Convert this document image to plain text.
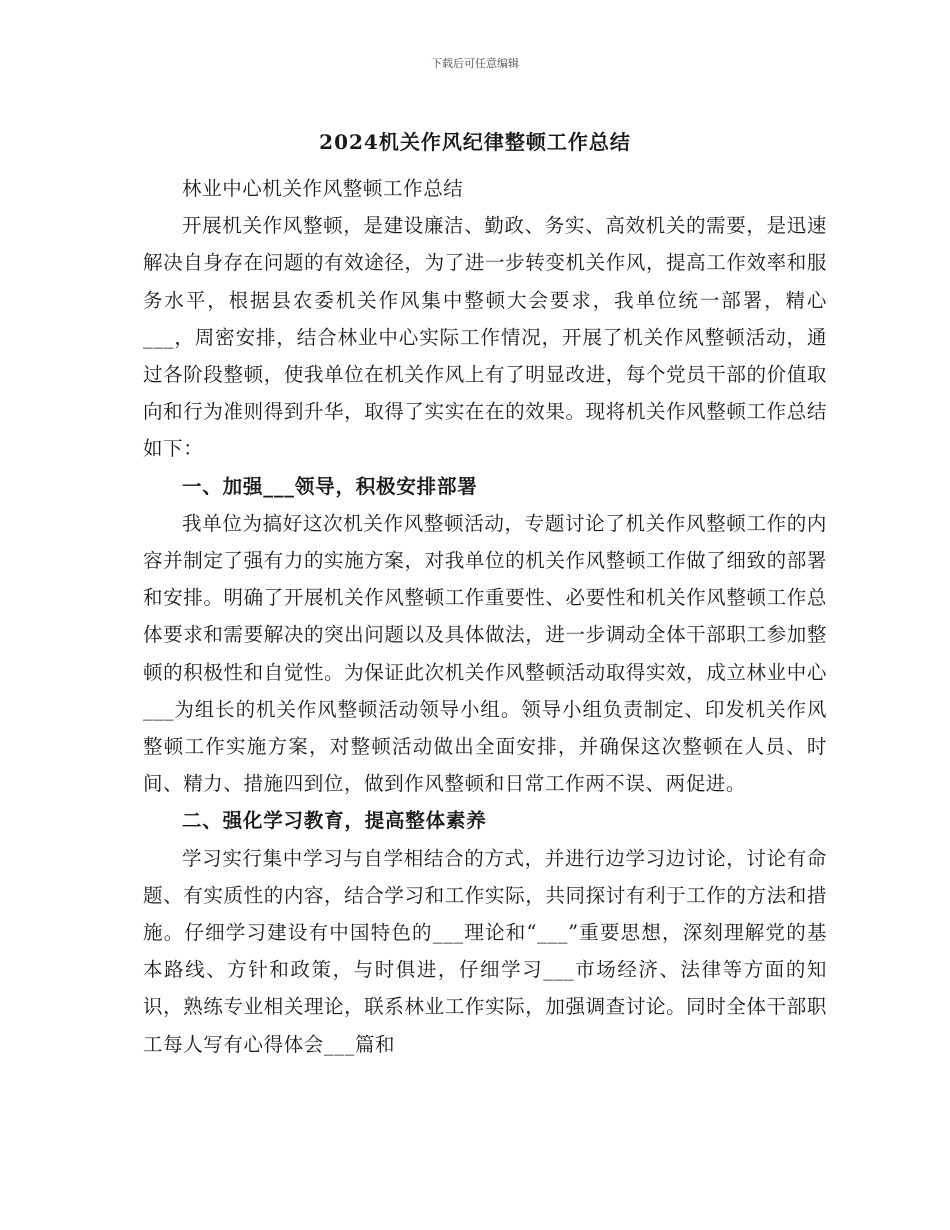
下载后可任意编辑
2024机关作风纪律整顿工作总结

林业中心机关作风整顿工作总结

开展机关作风整顿，是建设廉洁、勤政、务实、高效机关的需要，是迅速解决自身存在问题的有效途径，为了进一步转变机关作风，提高工作效率和服务水平，根据县农委机关作风集中整顿大会要求，我单位统一部署，精心___，周密安排，结合林业中心实际工作情况，开展了机关作风整顿活动，通过各阶段整顿，使我单位在机关作风上有了明显改进，每个党员干部的价值取向和行为准则得到升华，取得了实实在在的效果。现将机关作风整顿工作总结如下：

一、加强___领导，积极安排部署

我单位为搞好这次机关作风整顿活动，专题讨论了机关作风整顿工作的内容并制定了强有力的实施方案，对我单位的机关作风整顿工作做了细致的部署和安排。明确了开展机关作风整顿工作重要性、必要性和机关作风整顿工作总体要求和需要解决的突出问题以及具体做法，进一步调动全体干部职工参加整顿的积极性和自觉性。为保证此次机关作风整顿活动取得实效，成立林业中心___为组长的机关作风整顿活动领导小组。领导小组负责制定、印发机关作风整顿工作实施方案，对整顿活动做出全面安排，并确保这次整顿在人员、时间、精力、措施四到位，做到作风整顿和日常工作两不误、两促进。

二、强化学习教育，提高整体素养

学习实行集中学习与自学相结合的方式，并进行边学习边讨论，讨论有命题、有实质性的内容，结合学习和工作实际，共同探讨有利于工作的方法和措施。仔细学习建设有中国特色的___理论和“___”重要思想，深刻理解党的基本路线、方针和政策，与时俱进，仔细学习___市场经济、法律等方面的知识，熟练专业相关理论，联系林业工作实际，加强调查讨论。同时全体干部职工每人写有心得体会___篇和
